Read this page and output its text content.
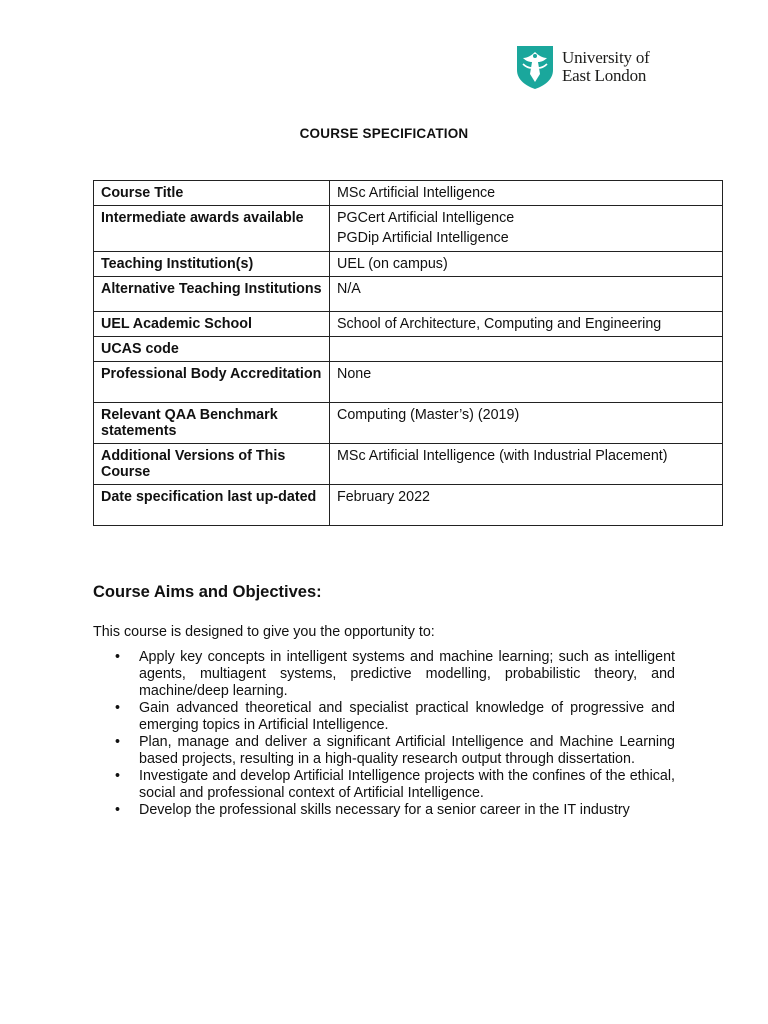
University of
East London
COURSE SPECIFICATION
Course Title	MSc Artificial Intelligence
Intermediate awards available	PGCert Artificial Intelligence
PGDip Artificial Intelligence

Teaching Institution(s)	UEL (on campus)
Alternative Teaching Institutions	N/A
UEL Academic School	School of Architecture, Computing and Engineering
UCAS code	
Professional Body Accreditation	None
Relevant QAA Benchmark statements	Computing (Master’s) (2019)
Additional Versions of This Course	MSc Artificial Intelligence (with Industrial Placement)
Date specification last up-dated	February 2022
Course Aims and Objectives:
This course is designed to give you the opportunity to:
• Apply key concepts in intelligent systems and machine learning; such as intelligent agents, multiagent systems, predictive modelling, probabilistic theory, and machine/deep learning.
• Gain advanced theoretical and specialist practical knowledge of progressive and emerging topics in Artificial Intelligence.
• Plan, manage and deliver a significant Artificial Intelligence and Machine Learning based projects, resulting in a high-quality research output through dissertation.
• Investigate and develop Artificial Intelligence projects with the confines of the ethical, social and professional context of Artificial Intelligence.
• Develop the professional skills necessary for a senior career in the IT industry
